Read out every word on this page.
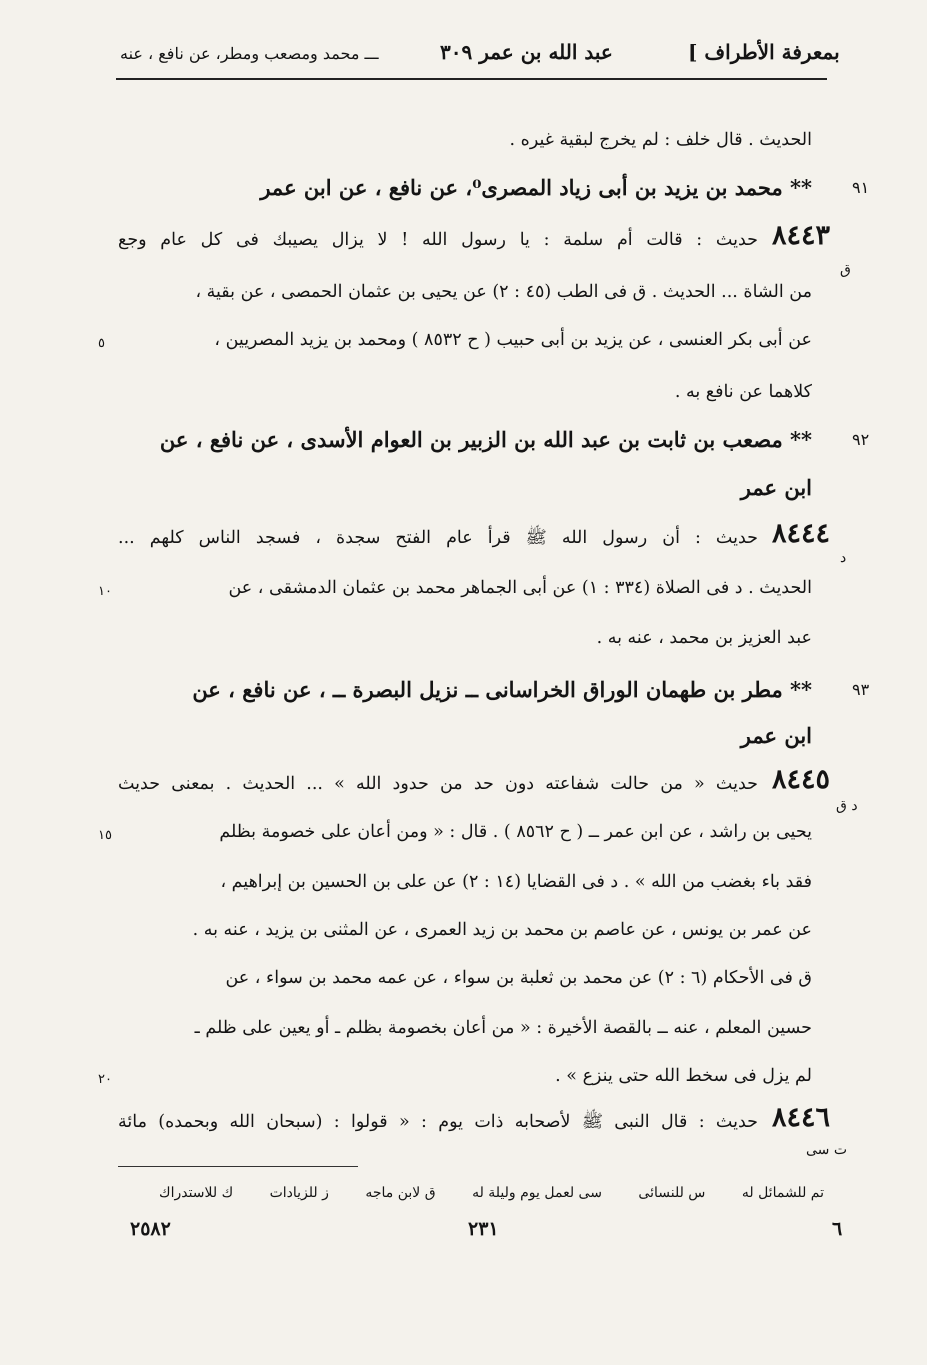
ـــ محمد ومصعب ومطر، عن نافع ، عنه	عبد الله بن عمر ٣٠٩	بمعرفة الأطراف ]
الحديث . قال خلف : لم يخرج لبقية غيره .
٩١
** محمد بن يزيد بن أبى زياد المصرى⁰، عن نافع ، عن ابن عمر
حديث : قالت أم سلمة : يا رسول الله ! لا يزال يصيبك فى كل عام وجع ٨٤٤٣
ق
من الشاة ... الحديث . ق فى الطب (٤٥ : ٢) عن يحيى بن عثمان الحمصى ، عن بقية ،
عن أبى بكر العنسى ، عن يزيد بن أبى حبيب ( ح ٨٥٣٢ ) ومحمد بن يزيد المصريين ،
٥
كلاهما عن نافع به .
٩٢
** مصعب بن ثابت بن عبد الله بن الزبير بن العوام الأسدى ، عن نافع ، عن
ابن عمر
حديث : أن رسول الله ﷺ قرأ عام الفتح سجدة ، فسجد الناس كلهم ... ٨٤٤٤
د
الحديث . د فى الصلاة (٣٣٤ : ١) عن أبى الجماهر محمد بن عثمان الدمشقى ، عن
١٠
عبد العزيز بن محمد ، عنه به .
٩٣
** مطر بن طهمان الوراق الخراسانى ــ نزيل البصرة ــ ، عن نافع ، عن
ابن عمر
حديث « من حالت شفاعته دون حد من حدود الله » ... الحديث . بمعنى حديث ٨٤٤٥
د ق
يحيى بن راشد ، عن ابن عمر ــ ( ح ٨٥٦٢ ) . قال : « ومن أعان على خصومة بظلم
١٥
فقد باء بغضب من الله » . د فى القضايا (١٤ : ٢) عن على بن الحسين بن إبراهيم ،
عن عمر بن يونس ، عن عاصم بن محمد بن زيد العمرى ، عن المثنى بن يزيد ، عنه به .
ق فى الأحكام (٦ : ٢) عن محمد بن ثعلبة بن سواء ، عن عمه محمد بن سواء ، عن
حسين المعلم ، عنه ــ بالقصة الأخيرة : « من أعان بخصومة بظلم ـ أو يعين على ظلم ـ
لم يزل فى سخط الله حتى ينزع » .
٢٠
حديث : قال النبى ﷺ لأصحابه ذات يوم : « قولوا : (سبحان الله وبحمده) مائة ٨٤٤٦
ت سى
تم للشمائل له س للنسائى سى لعمل يوم وليلة له ق لابن ماجه ز للزيادات ك للاستدراك
٢٥٨٢	٢٣١	٦
